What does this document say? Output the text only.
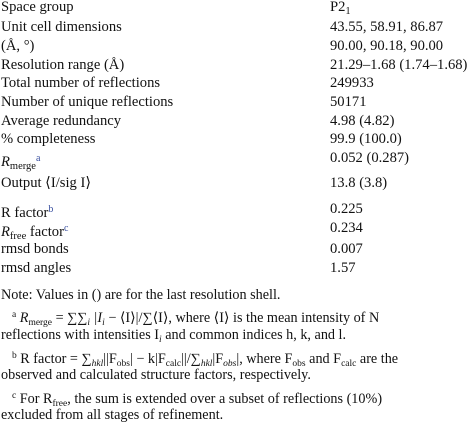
Space group	$P2_1$
Unit cell dimensions	43.55, 58.91, 86.87
(Å, °)	90.00, 90.18, 90.00
Resolution range (Å)	21.29–1.68 (1.74–1.68)
Total number of reflections	249933
Number of unique reflections	50171
Average redundancy	4.98 (4.82)
% completeness	99.9 (100.0)
$R_{merge}^a$	0.052 (0.287)
Output ⟨I/sig I⟩	13.8 (3.8)
R factor$^b$	0.225
$R_{free}$ factor$^c$	0.234
rmsd bonds	0.007
rmsd angles	1.57
Note: Values in () are for the last resolution shell.
$^a$ $R_{merge} = \sum\sum_i$ $|I_i$ − ⟨I⟩|/∑⟨I⟩, where ⟨I⟩ is the mean intensity of N
reflections with intensities $I_i$ and common indices h, k, and l.
$^b$ R factor = $\sum_{hkl}||F_{obs}| - k|F_{calc}||/\sum_{hkl}|F_{obs}|$, where $F_{obs}$ and $F_{calc}$ are the
observed and calculated structure factors, respectively.
$^c$ For $R_{free}$, the sum is extended over a subset of reflections (10%)
excluded from all stages of refinement.
